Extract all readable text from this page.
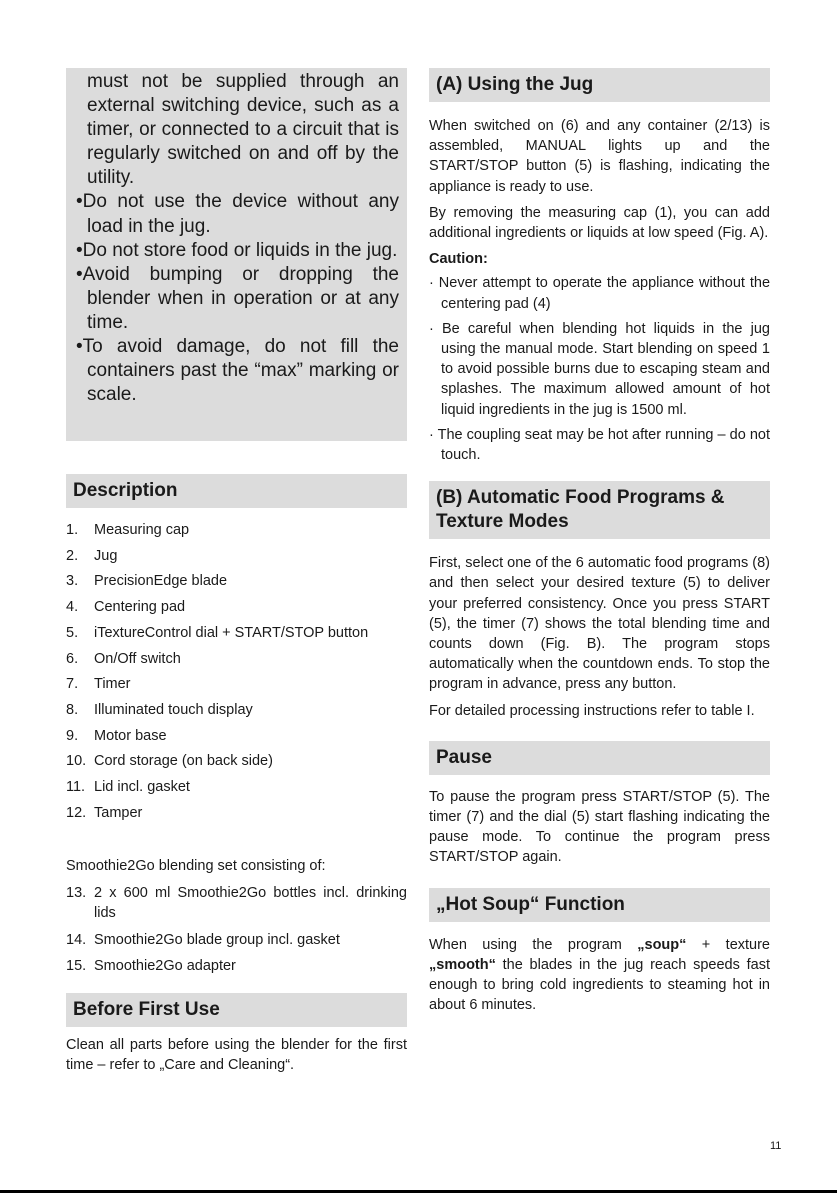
must not be supplied through an external switching device, such as a timer, or connected to a circuit that is regularly switched on and off by the utility.

•Do not use the device without any load in the jug.
•Do not store food or liquids in the jug.
•Avoid bumping or dropping the blender when in operation or at any time.
•To avoid damage, do not fill the containers past the “max” marking or scale.
Description
1.	Measuring cap
2.	Jug
3.	PrecisionEdge blade
4.	Centering pad
5.	iTextureControl dial + START/STOP button
6.	On/Off switch
7.	Timer
8.	Illuminated touch display
9.	Motor base
10. Cord storage (on back side)
11. Lid incl. gasket
12. Tamper
Smoothie2Go blending set consisting of:
13. 2 x 600 ml Smoothie2Go bottles incl. drinking lids
14. Smoothie2Go blade group incl. gasket
15. Smoothie2Go adapter
Before First Use
Clean all parts before using the blender for the first time – refer to „Care and Cleaning“.
(A) Using the Jug

When switched on (6) and any container (2/13) is assembled, MANUAL lights up and the START/STOP button (5) is flashing, indicating the appliance is ready to use.

By removing the measuring cap (1), you can add additional ingredients or liquids at low speed (Fig. A).

Caution:
· Never attempt to operate the appliance without the centering pad (4)
· Be careful when blending hot liquids in the jug using the manual mode. Start blending on speed 1 to avoid possible burns due to escaping steam and splashes. The maximum allowed amount of hot liquid ingredients in the jug is 1500 ml.
· The coupling seat may be hot after running – do not touch.
(B) Automatic Food Programs & Texture Modes

First, select one of the 6 automatic food programs (8) and then select your desired texture (5) to deliver your preferred consistency. Once you press START (5), the timer (7) shows the total blending time and counts down (Fig. B). The program stops automatically when the countdown ends. To stop the program in advance, press any button.

For detailed processing instructions refer to table I.

Pause
To pause the program press START/STOP (5). The timer (7) and the dial (5) start flashing indicating the pause mode. To continue the program press START/STOP again.
„Hot Soup“ Function
When using the program „soup“ + texture „smooth“ the blades in the jug reach speeds fast enough to bring cold ingredients to steaming hot in about 6 minutes.
11
